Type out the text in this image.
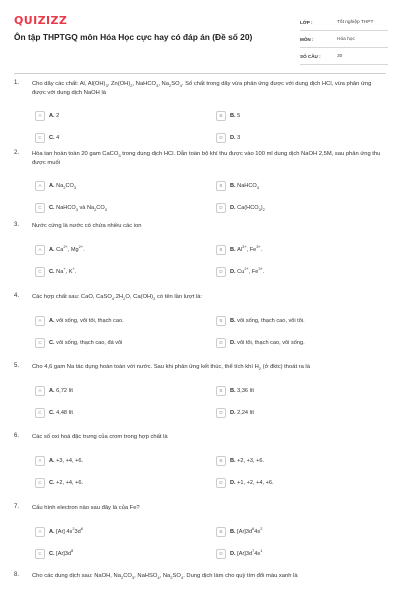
QUIZIZZ
Ôn tập THPTGQ môn Hóa Học cực hay có đáp án (Đề số 20)
LỚP :	Tốt nghiệp THPT
MÔN :	Hóa học
SỐ CÂU :	30
1. Cho dãy các chất: Al, $Al(OH)_3$, $Zn(OH)_2$, NaHCO$_3$, $Na_2SO_4$. Số chất trong dãy vừa phản ứng được với dung dịch HCl, vừa phản ứng được với dung dịch NaOH là
A	A. 2	B	B. 5
C	C. 4	D	D. 3
2. Hòa tan hoàn toàn 20 gam CaCO$_3$ trong dung dịch HCl. Dẫn toàn bộ khí thu được vào 100 ml dung dịch NaOH 2,5M, sau phản ứng thu được muối
A	A. $Na_2CO_3$	B	B. NaHCO$_3$
C	C. NaHCO$_3$ và $Na_2CO_3$	D	D. $Ca(HCO_3)_2$
3. Nước cứng là nước có chứa nhiều các ion
A	A. $Ca^{2+}$, $Mg^{2+}$.	B	B. $Al^{3+}$, $Fe^{3+}$.
C	C. Na+, K+.	D	D. $Cu^{2+}$, $Fe^{3+}$.
4. Các hợp chất sau: CaO, $CaSO_4.2H_2O$, $Ca(OH)_2$ có tên lần lượt là:
A	A. vôi sống, vôi tôi, thạch cao.	B	B. vôi sống, thạch cao, vôi tôi.
C	C. vôi sống, thạch cao, đá vôi	D	D. vôi tôi, thạch cao, vôi sống.
5. Cho 4,6 gam Na tác dụng hoàn toàn với nước. Sau khi phản ứng kết thúc, thể tích khí $H_2$ (ở đktc) thoát ra là
A	A. 6,72 lít	B	B. 3,36 lít
C	C. 4,48 lít	D	D. 2,24 lít
6. Các số oxi hoá đặc trưng của crom trong hợp chất là
A	A. +3, +4, +6.	B	B. +2, +3, +6.
C	C. +2, +4, +6.	D	D. +1, +2, +4, +6.
7. Cấu hình electron nào sau đây là của Fe?
A	A. [Ar] $4s^23d^6$
B	B. $[Ar]3d^64s^2$
C	C. $[Ar]3d^8$
D	D. $[Ar]3d^74s^1$
8. Cho các dung dịch sau: NaOH, $Na_2CO_3$, NaHSO$_4$, $Na_2SO_4$. Dung dịch làm cho quỳ tím đổi màu xanh là
